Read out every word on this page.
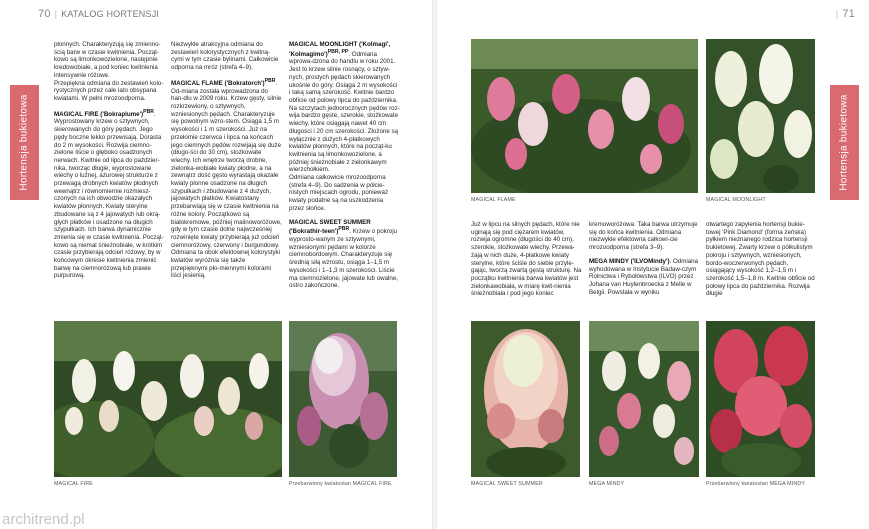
70 | KATALOG HORTENSJI
Hortensja bukietowa

płonnych. Charakteryzują się zmienno-ścią barw w czasie kwitnienia. Począt-kowo są limonkowozielone, następnie kredowobiałe, a pod koniec kwitnienia intensywnie różowe.

Przepiękna odmiana do zestawień kolo-rystycznych przez całe lato obsypana kwiatami. W pełni mrozoodporna.

MAGICAL FIRE ('Bokraplume')$^{PBR}$. Wyprostowany krzew o sztywnych, skierowanych do góry pędach. Jego pędy boczne lekko przewisają. Dorasta do 2 m wysokości. Rozwija ciemno-zielone liście o głęboko osadzonych nerwach. Kwitnie od lipca do paździer-nika, tworząc długie, wyprostowane wiechy o luźnej, ażurowej strukturze z przewagą drobnych kwiatów płodnych wewnątrz i równomiernie rozmiesz-czonych na ich obwodzie okazałych kwiatów płonnych. Kwiaty sterylne zbudowane są z 4 jajowatych lub okrą-głych płatków i osadzone na długich szypułkach. Ich barwa dynamicznie zmienia się w czasie kwitnienia. Począt-kowo są niemal śnieżnobiałe, w krótkim czasie przybierają odcień różowy, by w końcowym okresie kwitnienia zmienić barwę na ciemnoróżową lub prawie purpurową.

Niezwykle atrakcyjna odmiana do zestawień kolorystycznych z kwitną-cymi w tym czasie bylinami. Całkowicie odporna na mróz (strefa 4–9).

MAGICAL FLAME ('Bokratorch')$^{PBR}$. Od-miana została wprowadzona do han-dlu w 2009 roku. Krzew gęsty, silnie rozkrzewiony, o sztywnych, wzniesionych pędach. Charakteryzuje się powolnym wzro-stem. Osiąga 1,5 m wysokości i 1 m szerokości. Już na przełomie czerwca i lipca na końcach jego ciemnych pędów rozwijają się duże (długo-ści do 30 cm), stożkowate wiechy. Ich wnętrze tworzą drobne, zielonka-wobiałe kwiaty płodne, a na zewnątrz dość gęsto wyrastają okazałe kwiaty płonne osadzone na długich szypułkach i zbudowane z 4 dużych, jajowatych płatków. Kwiatostany przebarwiają się w czasie kwitnienia na różne kolory. Początkowo są białokremowe, później malinoworóżowe, gdy w tym czasie dolne najwcześniej rozwinięte kwiaty przybierają już odcień ciemnoróżowy, czerwony i burgundowy. Odmiana ta obok efektownej kolorystyki kwiatów wyróżnia się także przepięknymi pło-miennymi kolorami liści jesienią.

MAGICAL MOONLIGHT ('Kolmagi', 'Kolmagimo')$^{PBR, PP}$. Odmiana wprowa-dzona do handlu w roku 2001. Jest to krzew silnie rosnący, o sztyw-nych, prostych pędach skierowanych ukośnie do góry. Osiąga 2 m wysokości i taką samą szerokość. Kwitnie bardzo obficie od połowy lipca do października. Na szczytach jednorocznych pędów roz-wija bardzo gęste, szerokie, stożkowate wiechy, które osiągają nawet 40 cm długości i 20 cm szerokości. Złożone są wyłącznie z dużych 4-płatkowych kwiatów płonnych, które na począt-ku kwitnienia są limonkowozielone, a później śnieżnobiałe z zielonkawym wierzchołkiem.

Odmiana całkowicie mrozoodporna (strefa 4–9). Do sadzenia w półcie-nistych miejscach ogrodu, ponieważ kwiaty podatne są na uszkodzenia przez słońce.

MAGICAL SWEET SUMMER ('Bokrathir-teen')$^{PBR}$. Krzew o pokroju wyprosto-wanym ze sztywnymi, wzniesionymi pędami w kolorze ciemnobordowym. Charakteryzuje się średnią siłą wzrostu, osiąga 1–1,5 m wysokości i 1–1,3 m szerokości. Liście ma ciemnozielone, jajowate lub owalne, ostro zakończone.

MAGICAL FIRE	Przebarwiony kwiatostan MAGICAL FIRE
| 71
Hortensja bukietowa
MAGICAL FLAME	MAGICAL MOONLIGHT

Już w lipcu na silnych pędach, które nie uginają się pod ciężarem kwiatów, rozwija ogromne (długości do 40 cm), szerokie, stożkowate wiechy. Przewa-żają w nich duże, 4-płatkowe kwiaty sterylne, które ściśle do siebie przyle-gając, tworzą zwartą gęstą strukturę. Na początku kwitnienia barwa kwiatów jest zielonkawobiała, w miarę kwit-nienia śnieżnobiała i pod jego koniec

kremoworóżowa. Taka barwa utrzymuje się do końca kwitnienia. Odmiana niezwykle efektowna całkowi-cie mrozoodporna (strefa 3–9).

MEGA MINDY ('ILVOMindy'). Odmiana wyhodowana w Instytucie Badaw-czym Rolnictwa i Rybołówstwa (ILVO) przez Johana van Huylenbroecka z Melle w Belgii. Powstała w wyniku

otwartego zapylenia hortensji bukie-towej 'Pink Diamond' (forma żeńska) pyłkiem nieznanego rodzica hortensji bukietowej. Zwarty krzew o półkulistym pokroju i sztywnych, wzniesionych, bordo-woczerwonych pędach, osiągający wysokość 1,2–1,5 m i szerokość 1,5–1,8 m. Kwitnie obficie od połowy lipca do października. Rozwija długie

MAGICAL SWEET SUMMER	MEGA MINDY	Przebarwiony kwiatostan MEGA MINDY
architrend.pl
